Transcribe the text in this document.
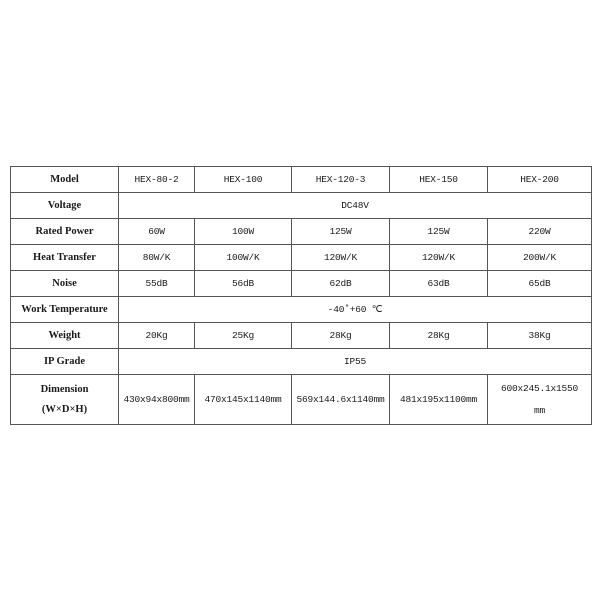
Model	HEX-80-2	HEX-100	HEX-120-3	HEX-150	HEX-200
Voltage	DC48V				
Rated Power	60W	100W	125W	125W	220W
Heat Transfer	80W/K	100W/K	120W/K	120W/K	200W/K
Noise	55dB	56dB	62dB	63dB	65dB
Work Temperature	-40˚+60 ℃				
Weight	20Kg	25Kg	28Kg	28Kg	38Kg
IP Grade	IP55				

Dimension
(W×D×H)	430x94x800mm	470x145x1140mm	569x144.6x1140mm	481x195x1100mm	600x245.1x1550
mm
